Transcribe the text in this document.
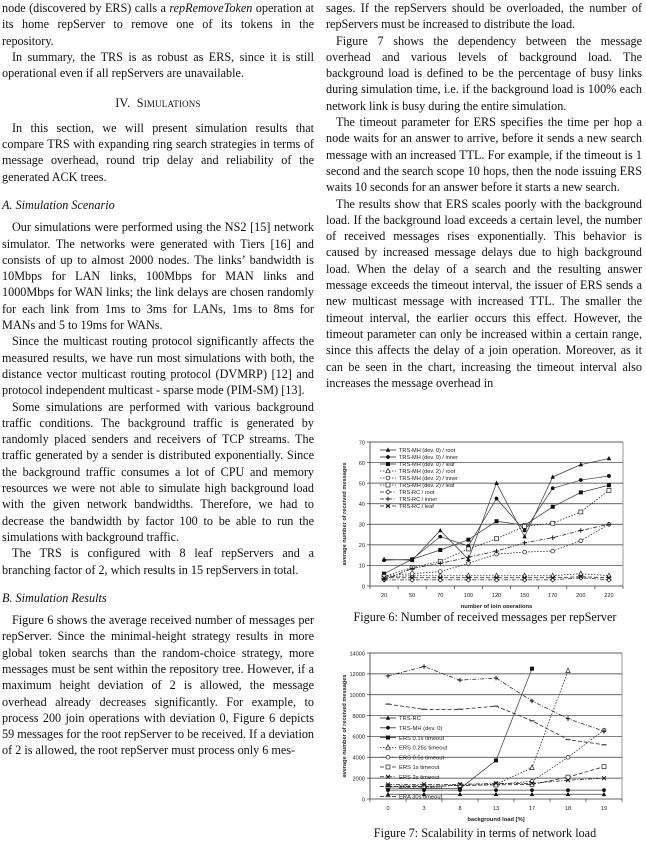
node (discovered by ERS) calls a repRemoveToken operation at its home repServer to remove one of its tokens in the repository.

In summary, the TRS is as robust as ERS, since it is still operational even if all repServers are unavailable.

IV. Simulations

In this section, we will present simulation results that compare TRS with expanding ring search strategies in terms of message overhead, round trip delay and reliability of the generated ACK trees.

A. Simulation Scenario

Our simulations were performed using the NS2 [15] network simulator. The networks were generated with Tiers [16] and consists of up to almost 2000 nodes. The links’ bandwidth is 10Mbps for LAN links, 100Mbps for MAN links and 1000Mbps for WAN links; the link delays are chosen randomly for each link from 1ms to 3ms for LANs, 1ms to 8ms for MANs and 5 to 19ms for WANs.

Since the multicast routing protocol significantly affects the measured results, we have run most simulations with both, the distance vector multicast routing protocol (DVMRP) [12] and protocol independent multicast - sparse mode (PIM-SM) [13].

Some simulations are performed with various background traffic conditions. The background traffic is generated by randomly placed senders and receivers of TCP streams. The traffic generated by a sender is distributed exponentially. Since the background traffic consumes a lot of CPU and memory resources we were not able to simulate high background load with the given network bandwidths. Therefore, we had to decrease the bandwidth by factor 100 to be able to run the simulations with background traffic.

The TRS is configured with 8 leaf repServers and a branching factor of 2, which results in 15 repServers in total.

B. Simulation Results

Figure 6 shows the average received number of messages per repServer. Since the minimal-height strategy results in more global token searchs than the random-choice strategy, more messages must be sent within the repository tree. However, if a maximum height deviation of 2 is allowed, the message overhead already decreases significantly. For example, to process 200 join operations with deviation 0, Figure 6 depicts 59 messages for the root repServer to be received. If a deviation of 2 is allowed, the root repServer must process only 6 mes-

sages. If the repServers should be overloaded, the number of repServers must be increased to distribute the load.

Figure 7 shows the dependency between the message overhead and various levels of background load. The background load is defined to be the percentage of busy links during simulation time, i.e. if the background load is 100% each network link is busy during the entire simulation.

The timeout parameter for ERS specifies the time per hop a node waits for an answer to arrive, before it sends a new search message with an increased TTL. For example, if the timeout is 1 second and the search scope 10 hops, then the node issuing ERS waits 10 seconds for an answer before it starts a new search.

The results show that ERS scales poorly with the background load. If the background load exceeds a certain level, the number of received messages rises exponentially. This behavior is caused by increased message delays due to high background load. When the delay of a search and the resulting answer message exceeds the timeout interval, the issuer of ERS sends a new multicast message with increased TTL. The smaller the timeout interval, the earlier occurs this effect. However, the timeout parameter can only be increased within a certain range, since this affects the delay of a join operation. Moreover, as it can be seen in the chart, increasing the timeout interval also increases the message overhead in

0
10
20
30
40
50
60
70
20	50	70	100	120	150	170	200	220
number of join operations
average number of received messages
TRS-MH (dev. 0) / root
TRS-MH (dev. 0) / inner
TRS-MH (dev. 0) / leaf
TRS-MH (dev. 2) / root
TRS-MH (dev. 2) / inner
TRS-MH (dev. 2) / leaf
TRS-RC / root
TRS-RC / inner
TRS-RC / leaf
Figure 6: Number of received messages per repServer
0
2000
4000
6000
8000
10000
12000
14000
0	3	8	13	17	18	19
background load [%]
average number of received messages	TRS-RC
TRS-MH (dev. 0)
ERS 0.1s timeout
ERS 0.25s timeout
ERS 0.5s timeout
ERS 1s timeout
ERS 2s timeout
ERA 20s timeout
ERA 30s timeout
Figure 7: Scalability in terms of network load
